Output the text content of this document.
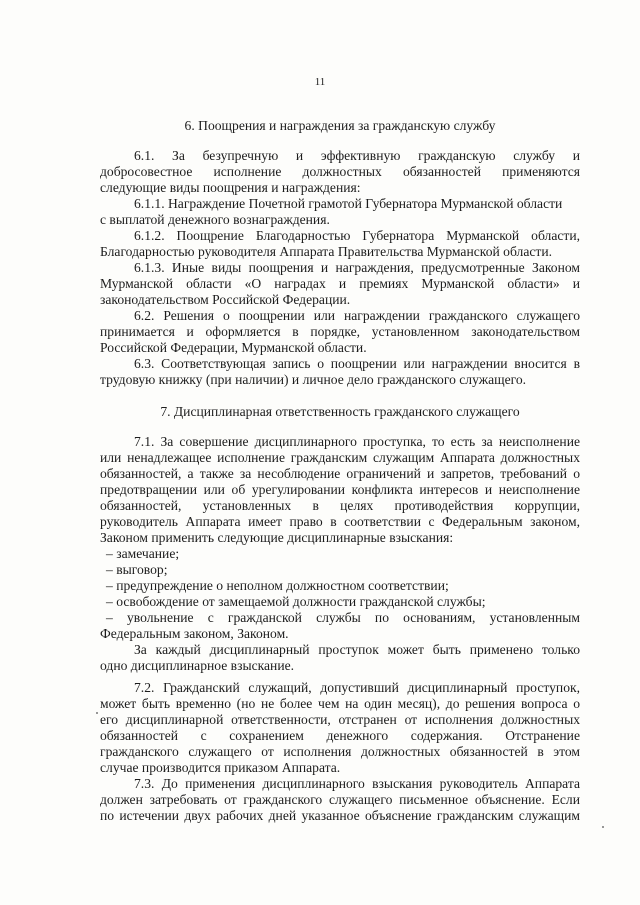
11
6. Поощрения и награждения за гражданскую службу
6.1. За безупречную и эффективную гражданскую службу и
добросовестное исполнение должностных обязанностей применяются
следующие виды поощрения и награждения:
6.1.1. Награждение Почетной грамотой Губернатора Мурманской области
с выплатой денежного вознаграждения.
6.1.2. Поощрение Благодарностью Губернатора Мурманской области,
Благодарностью руководителя Аппарата Правительства Мурманской области.
6.1.3. Иные виды поощрения и награждения, предусмотренные Законом
Мурманской области «О наградах и премиях Мурманской области» и
законодательством Российской Федерации.
6.2. Решения о поощрении или награждении гражданского служащего
принимается и оформляется в порядке, установленном законодательством
Российской Федерации, Мурманской области.
6.3. Соответствующая запись о поощрении или награждении вносится в
трудовую книжку (при наличии) и личное дело гражданского служащего.
7. Дисциплинарная ответственность гражданского служащего
7.1. За совершение дисциплинарного проступка, то есть за неисполнение
или ненадлежащее исполнение гражданским служащим Аппарата должностных
обязанностей, а также за несоблюдение ограничений и запретов, требований о
предотвращении или об урегулировании конфликта интересов и неисполнение
обязанностей, установленных в целях противодействия коррупции,
руководитель Аппарата имеет право в соответствии с Федеральным законом,
Законом применить следующие дисциплинарные взыскания:
– замечание;
– выговор;
– предупреждение о неполном должностном соответствии;
– освобождение от замещаемой должности гражданской службы;
– увольнение с гражданской службы по основаниям, установленным
Федеральным законом, Законом.
За каждый дисциплинарный проступок может быть применено только
одно дисциплинарное взыскание.
7.2. Гражданский служащий, допустивший дисциплинарный проступок,
может быть временно (но не более чем на один месяц), до решения вопроса о
его дисциплинарной ответственности, отстранен от исполнения должностных
обязанностей с сохранением денежного содержания. Отстранение
гражданского служащего от исполнения должностных обязанностей в этом
случае производится приказом Аппарата.
7.3. До применения дисциплинарного взыскания руководитель Аппарата
должен затребовать от гражданского служащего письменное объяснение. Если
по истечении двух рабочих дней указанное объяснение гражданским служащим
